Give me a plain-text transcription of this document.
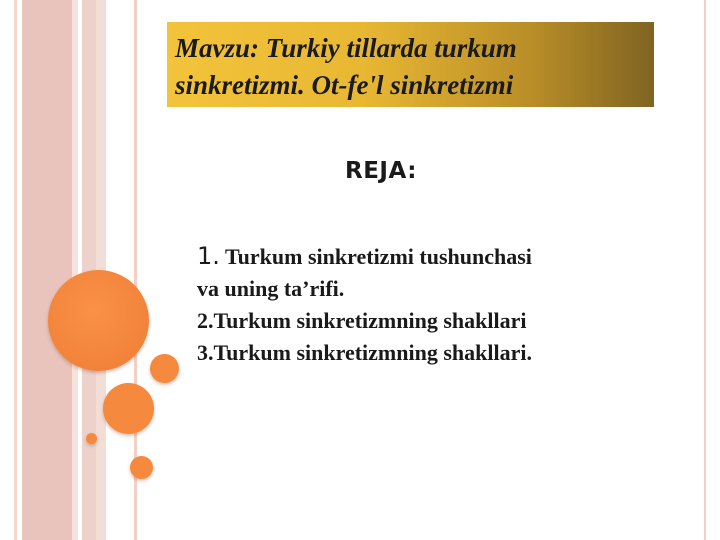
Mavzu: Turkiy tillarda turkum
sinkretizmi. Ot-fe'l sinkretizmi
REJA:
1. Turkum sinkretizmi tushunchasi
va uning ta’rifi.
2.Turkum sinkretizmning shakllari
3.Turkum sinkretizmning shakllari.
